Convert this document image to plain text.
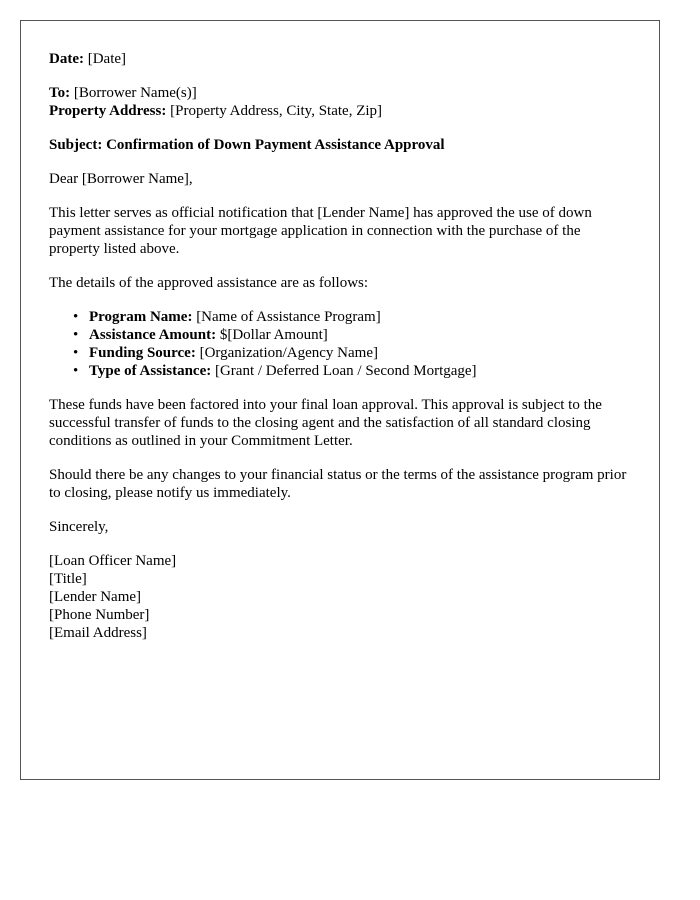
Date: [Date]

To: [Borrower Name(s)]
Property Address: [Property Address, City, State, Zip]

Subject: Confirmation of Down Payment Assistance Approval

Dear [Borrower Name],

This letter serves as official notification that [Lender Name] has approved the use of down payment assistance for your mortgage application in connection with the purchase of the property listed above.

The details of the approved assistance are as follows:

• Program Name: [Name of Assistance Program]
• Assistance Amount: $[Dollar Amount]
• Funding Source: [Organization/Agency Name]
• Type of Assistance: [Grant / Deferred Loan / Second Mortgage]

These funds have been factored into your final loan approval. This approval is subject to the successful transfer of funds to the closing agent and the satisfaction of all standard closing conditions as outlined in your Commitment Letter.

Should there be any changes to your financial status or the terms of the assistance program prior to closing, please notify us immediately.

Sincerely,

[Loan Officer Name]
[Title]
[Lender Name]
[Phone Number]
[Email Address]
